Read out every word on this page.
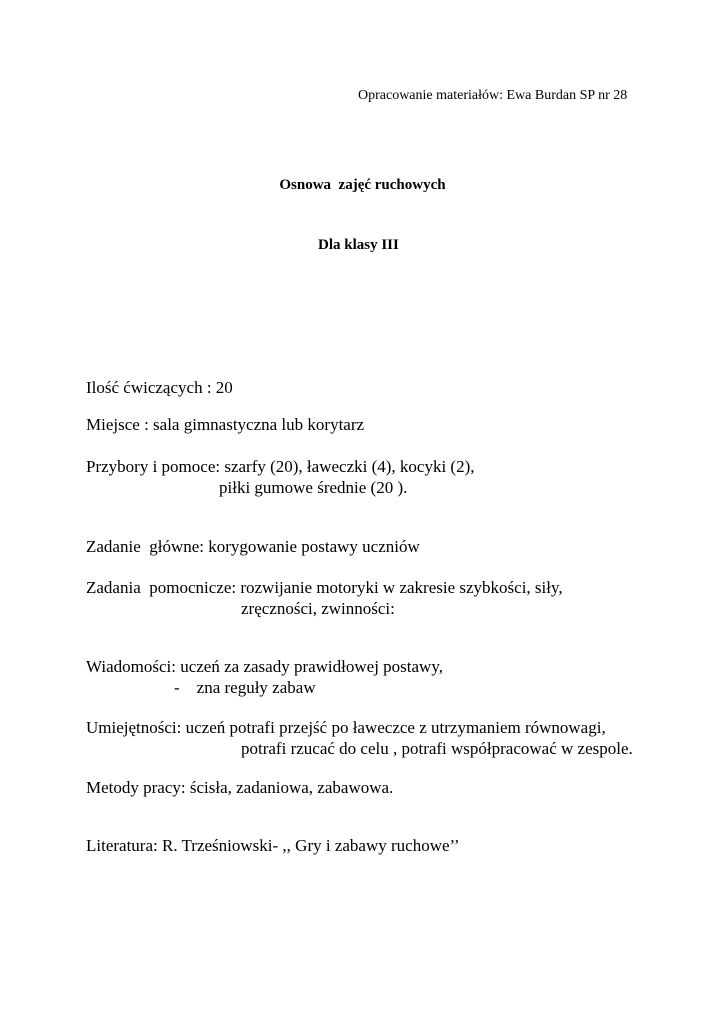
Opracowanie materiałów: Ewa Burdan SP nr 28
Osnowa  zajęć ruchowych
Dla klasy III
Ilość ćwiczących : 20
Miejsce : sala gimnastyczna lub korytarz
Przybory i pomoce: szarfy (20), ławeczki (4), kocyki (2),
piłki gumowe średnie (20 ).
Zadanie  główne: korygowanie postawy uczniów
Zadania  pomocnicze: rozwijanie motoryki w zakresie szybkości, siły,
zręczności, zwinności:
Wiadomości: uczeń za zasady prawidłowej postawy,
-    zna reguły zabaw
Umiejętności: uczeń potrafi przejść po ławeczce z utrzymaniem równowagi,
potrafi rzucać do celu , potrafi współpracować w zespole.
Metody pracy: ścisła, zadaniowa, zabawowa.
Literatura: R. Trześniowski- ,, Gry i zabawy ruchowe’’
